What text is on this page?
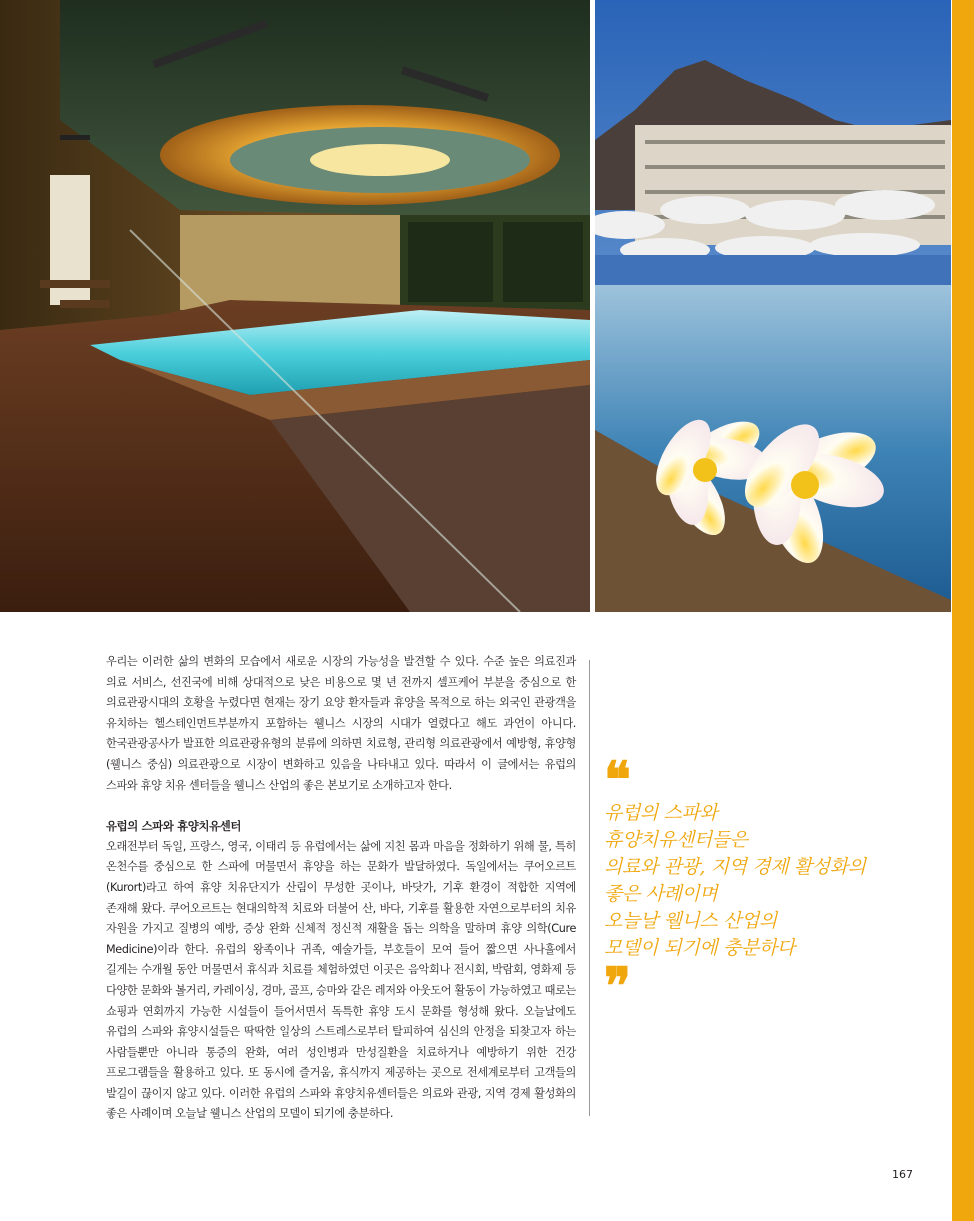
우리는 이러한 삶의 변화의 모습에서 새로운 시장의 가능성을 발견할 수 있다. 수준 높은 의료진과 의료 서비스, 선진국에 비해 상대적으로 낮은 비용으로 몇 년 전까지 셀프케어 부분을 중심으로 한 의료관광시대의 호황을 누렸다면 현재는 장기 요양 환자들과 휴양을 목적으로 하는 외국인 관광객을 유치하는 헬스테인먼트부분까지 포함하는 웰니스 시장의 시대가 열렸다고 해도 과언이 아니다. 한국관광공사가 발표한 의료관광유형의 분류에 의하면 치료형, 관리형 의료관광에서 예방형, 휴양형(웰니스 중심) 의료관광으로 시장이 변화하고 있음을 나타내고 있다. 따라서 이 글에서는 유럽의 스파와 휴양 치유 센터들을 웰니스 산업의 좋은 본보기로 소개하고자 한다.

유럽의 스파와 휴양치유센터

오래전부터 독일, 프랑스, 영국, 이태리 등 유럽에서는 삶에 지친 몸과 마음을 정화하기 위해 물, 특히 온천수를 중심으로 한 스파에 머물면서 휴양을 하는 문화가 발달하였다. 독일에서는 쿠어오르트(Kurort)라고 하여 휴양 치유단지가 산림이 무성한 곳이나, 바닷가, 기후 환경이 적합한 지역에 존재해 왔다. 쿠어오르트는 현대의학적 치료와 더불어 산, 바다, 기후를 활용한 자연으로부터의 치유 자원을 가지고 질병의 예방, 증상 완화 신체적 정신적 재활을 돕는 의학을 말하며 휴양 의학(Cure Medicine)이라 한다. 유럽의 왕족이나 귀족, 예술가들, 부호들이 모여 들어 짧으면 사나흘에서 길게는 수개월 동안 머물면서 휴식과 치료를 체험하였던 이곳은 음악회나 전시회, 박람회, 영화제 등 다양한 문화와 볼거리, 카레이싱, 경마, 골프, 승마와 같은 레저와 아웃도어 활동이 가능하였고 때로는 쇼핑과 연회까지 가능한 시설들이 들어서면서 독특한 휴양 도시 문화를 형성해 왔다. 오늘날에도 유럽의 스파와 휴양시설들은 딱딱한 일상의 스트레스로부터 탈피하여 심신의 안정을 되찾고자 하는 사람들뿐만 아니라 통증의 완화, 여러 성인병과 만성질환을 치료하거나 예방하기 위한 건강 프로그램들을 활용하고 있다. 또 동시에 즐거움, 휴식까지 제공하는 곳으로 전세계로부터 고객들의 발길이 끊이지 않고 있다. 이러한 유럽의 스파와 휴양치유센터들은 의료와 관광, 지역 경제 활성화의 좋은 사례이며 오늘날 웰니스 산업의 모델이 되기에 충분하다.

❝
유럽의 스파와
휴양치유센터들은
의료와 관광, 지역 경제 활성화의
좋은 사례이며
오늘날 웰니스 산업의
모델이 되기에 충분하다
❞
167
